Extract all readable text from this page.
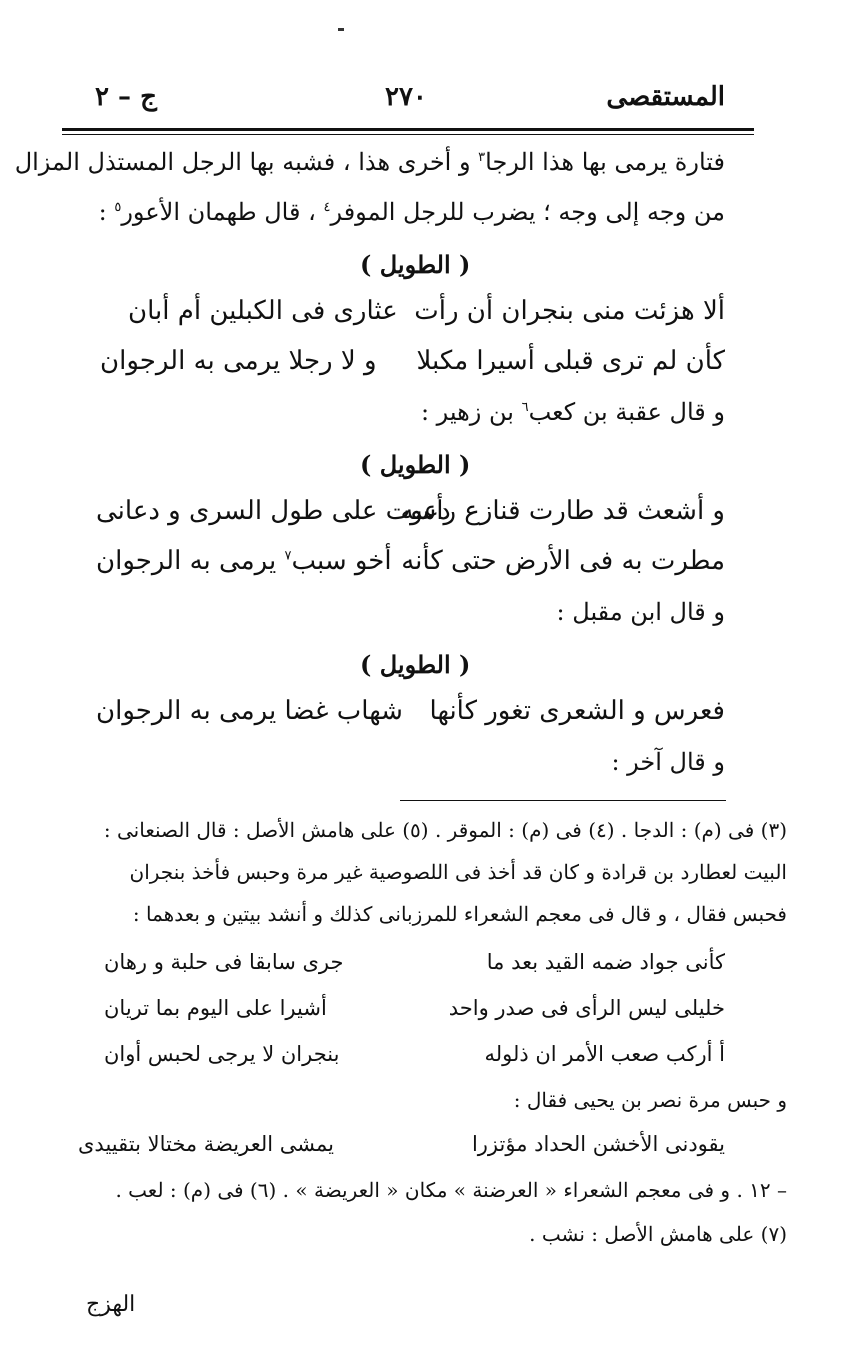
المستقصى
٢٧٠
ج – ٢
فتارة يرمى بها هذا الرجا$^٣$ و أخرى هذا ، فشبه بها الرجل المستذل المزال
من وجه إلى وجه ؛ يضرب للرجل الموفر$^٤$ ، قال طهمان الأعور$^٥$ :
( الطويل )
ألا هزئت منى بنجران أن رأت
عثارى فى الكبلين أم أبان
كأن لم ترى قبلى أسيرا مكبلا
و لا رجلا يرمى به الرجوان
و قال عقبة بن كعب$^٦$ بن زهير :
( الطويل )
و أشعث قد طارت قنازع رأسه
دعوت على طول السرى و دعانى
مطرت به فى الأرض حتى كأنه
أخو سبب$^٧$ يرمى به الرجوان
و قال ابن مقبل :
( الطويل )
فعرس و الشعرى تغور كأنها
شهاب غضا يرمى به الرجوان
و قال آخر :
(٣) فى (م) : الدجا . (٤) فى (م) : الموقر . (٥) على هامش الأصل : قال الصنعانى :
البيت لعطارد بن قرادة و كان قد أخذ فى اللصوصية غير مرة وحبس فأخذ بنجران
فحبس فقال ، و قال فى معجم الشعراء للمرزبانى كذلك و أنشد بيتين و بعدهما :
كأنى جواد ضمه القيد بعد ما
جرى سابقا فى حلبة و رهان
خليلى ليس الرأى فى صدر واحد
أشيرا على اليوم بما تريان
أ أركب صعب الأمر ان ذلوله
بنجران لا يرجى لحبس أوان
و حبس مرة نصر بن يحيى فقال :
يقودنى الأخشن الحداد مؤتزرا
يمشى العريضة مختالا بتقييدى
– ١٢ . و فى معجم الشعراء « العرضنة » مكان « العريضة » . (٦) فى (م) : لعب .
(٧) على هامش الأصل : نشب .
الهزج
